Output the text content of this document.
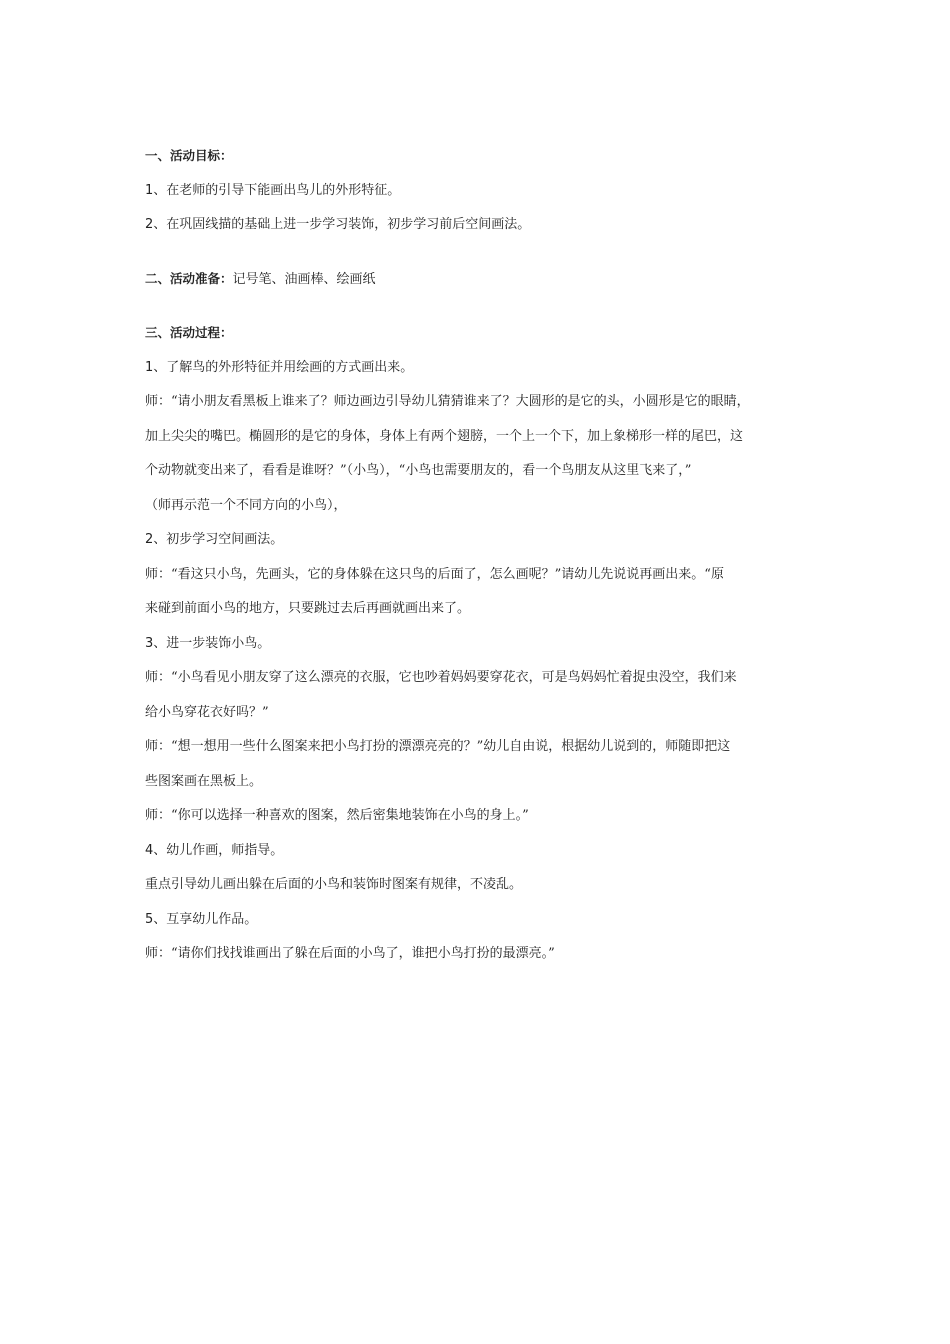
一、活动目标：
1、在老师的引导下能画出鸟儿的外形特征。
2、在巩固线描的基础上进一步学习装饰，初步学习前后空间画法。
二、活动准备：记号笔、油画棒、绘画纸
三、活动过程：
1、了解鸟的外形特征并用绘画的方式画出来。
师：“请小朋友看黑板上谁来了？师边画边引导幼儿猜猜谁来了？大圆形的是它的头，小圆形是它的眼睛，
加上尖尖的嘴巴。椭圆形的是它的身体，身体上有两个翅膀，一个上一个下，加上象梯形一样的尾巴，这
个动物就变出来了，看看是谁呀？”（小鸟），“小鸟也需要朋友的，看一个鸟朋友从这里飞来了，”
（师再示范一个不同方向的小鸟），
2、初步学习空间画法。
师：“看这只小鸟，先画头，它的身体躲在这只鸟的后面了，怎么画呢？”请幼儿先说说再画出来。“原
来碰到前面小鸟的地方，只要跳过去后再画就画出来了。
3、进一步装饰小鸟。
师：“小鸟看见小朋友穿了这么漂亮的衣服，它也吵着妈妈要穿花衣，可是鸟妈妈忙着捉虫没空，我们来
给小鸟穿花衣好吗？”
师：“想一想用一些什么图案来把小鸟打扮的漂漂亮亮的？”幼儿自由说，根据幼儿说到的，师随即把这
些图案画在黑板上。
师：“你可以选择一种喜欢的图案，然后密集地装饰在小鸟的身上。”
4、幼儿作画，师指导。
重点引导幼儿画出躲在后面的小鸟和装饰时图案有规律，不凌乱。
5、互享幼儿作品。
师：“请你们找找谁画出了躲在后面的小鸟了，谁把小鸟打扮的最漂亮。”
